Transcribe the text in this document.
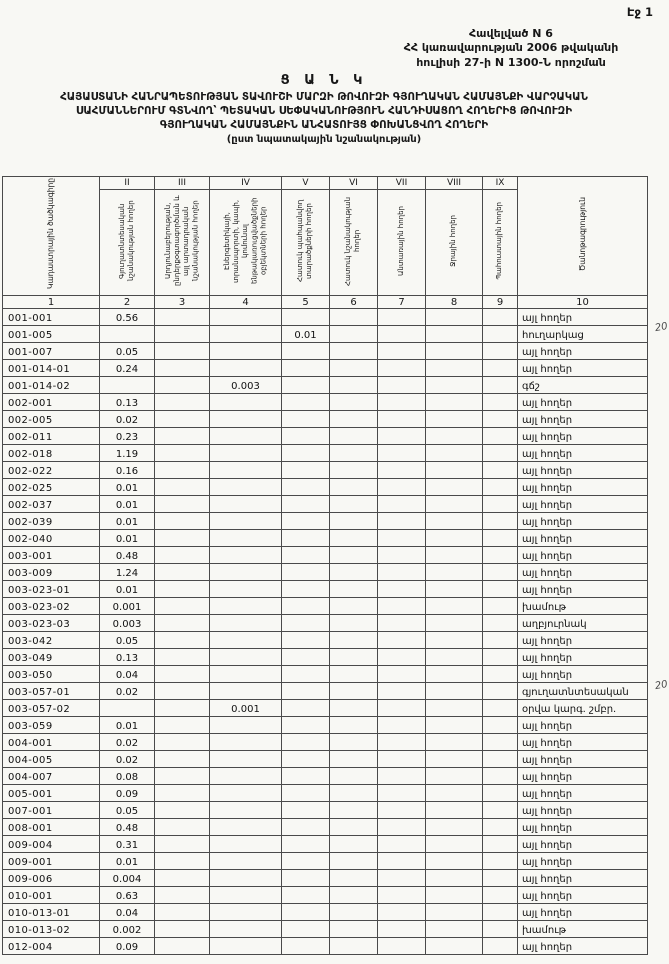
Էջ 1
Հավելված N 6
ՀՀ կառավարության 2006 թվականի
հուլիսի 27-ի N 1300-Ն որոշման
Ց Ա Ն Կ
ՀԱՅԱՍՏԱՆԻ ՀԱՆՐԱՊԵՏՈՒԹՅԱՆ ՏԱՎՈՒՇԻ ՄԱՐԶԻ ԹՈՎՈՒԶԻ ԳՅՈՒՂԱԿԱՆ ՀԱՄԱՅՆՔԻ ՎԱՐՉԱԿԱՆ
ՍԱՀՄԱՆՆԵՐՈՒՄ ԳՏՆՎՈՂ՝ ՊԵՏԱԿԱՆ ՍԵՓԱԿԱՆՈՒԹՅՈՒՆ ՀԱՆԴԻՍԱՑՈՂ ՀՈՂԵՐԻՑ ԹՈՎՈՒԶԻ
ԳՅՈՒՂԱԿԱՆ ՀԱՄԱՅՆՔԻՆ ԱՆՀԱՏՈՒՅՑ ՓՈԽԱՆՑՎՈՂ ՀՈՂԵՐԻ
(ըստ նպատակային նշանակության)
Կադաստրային ծածկագիրը	II	III	IV	V	VI	VII	VIII	IX	Ծանոթագրություն
	Գյուղատնտեսական նշանակության հողեր	Արդյունաբերության, ընդերքօգտագործման և այլ արտադրական նշանակության հողեր	Էներգետիկայի, տրանսպորտի, կապի, կոմունալ ենթակառուցվածքների օբյեկտների հողեր	Հատուկ պահպանվող տարածքների հողեր	Հատուկ նշանակության հողեր	Անտառային հողեր	Ջրային հողեր	Պահուստային հողեր	
1	2	3	4	5	6	7	8	9	10
001-001	0.56								այլ հողեր
001-005				0.01					հուղարկաց
001-007	0.05								այլ հողեր
001-014-01	0.24								այլ հողեր
001-014-02			0.003						գճշ
002-001	0.13								այլ հողեր
002-005	0.02								այլ հողեր
002-011	0.23								այլ հողեր
002-018	1.19								այլ հողեր
002-022	0.16								այլ հողեր
002-025	0.01								այլ հողեր
002-037	0.01								այլ հողեր
002-039	0.01								այլ հողեր
002-040	0.01								այլ հողեր
003-001	0.48								այլ հողեր
003-009	1.24								այլ հողեր
003-023-01	0.01								այլ հողեր
003-023-02	0.001								խամութ
003-023-03	0.003								աղբյուրնակ
003-042	0.05								այլ հողեր
003-049	0.13								այլ հողեր
003-050	0.04								այլ հողեր
003-057-01	0.02								գյուղատնտեսական
003-057-02			0.001						օրվա կարգ. շմբր.
003-059	0.01								այլ հողեր
004-001	0.02								այլ հողեր
004-005	0.02								այլ հողեր
004-007	0.08								այլ հողեր
005-001	0.09								այլ հողեր
007-001	0.05								այլ հողեր
008-001	0.48								այլ հողեր
009-004	0.31								այլ հողեր
009-001	0.01								այլ հողեր
009-006	0.004								այլ հողեր
010-001	0.63								այլ հողեր
010-013-01	0.04								այլ հողեր
010-013-02	0.002								խամութ
012-004	0.09								այլ հողեր
20
20
